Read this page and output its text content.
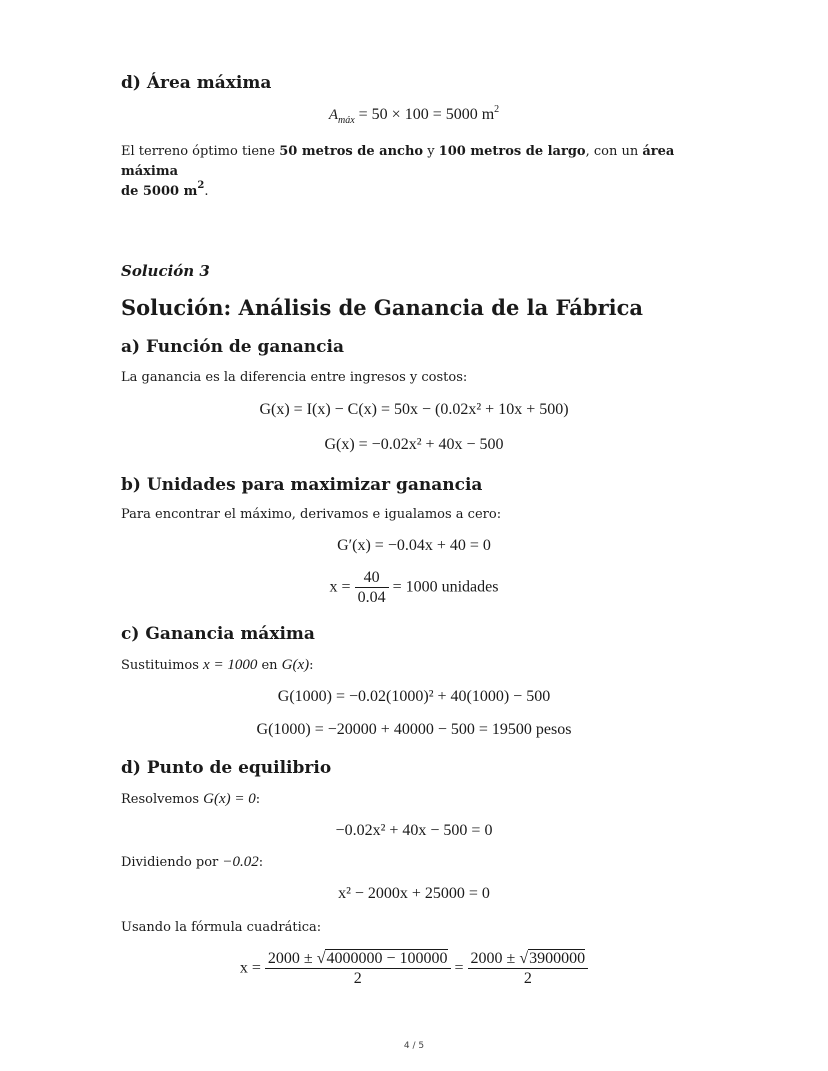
d) Área máxima
$A_{máx} = 50 \times 100 = 5000$ $m^2$
El terreno óptimo tiene 50 metros de ancho y 100 metros de largo, con un área máxima
de 5000 $m^2$.
Solución 3
Solución: Análisis de Ganancia de la Fábrica
a) Función de ganancia
La ganancia es la diferencia entre ingresos y costos:
G(x) = I(x) − C(x) = 50x − (0.02x² + 10x + 500)
G(x) = −0.02x² + 40x − 500
b) Unidades para maximizar ganancia
Para encontrar el máximo, derivamos e igualamos a cero:
G′(x) = −0.04x + 40 = 0
$x = \frac{40}{0.04} = 1000$ unidades
c) Ganancia máxima
Sustituimos x = 1000 en G(x):
G(1000) = −0.02(1000)² + 40(1000) − 500
G(1000) = −20000 + 40000 − 500 = 19500 pesos
d) Punto de equilibrio
Resolvemos G(x) = 0:
−0.02x² + 40x − 500 = 0
Dividiendo por −0.02:
x² − 2000x + 25000 = 0
Usando la fórmula cuadrática:
$x = \frac{2000 \pm √4000000 - 100000}{2} = \frac{2000 \pm √3900000}{2}$
4 / 5
